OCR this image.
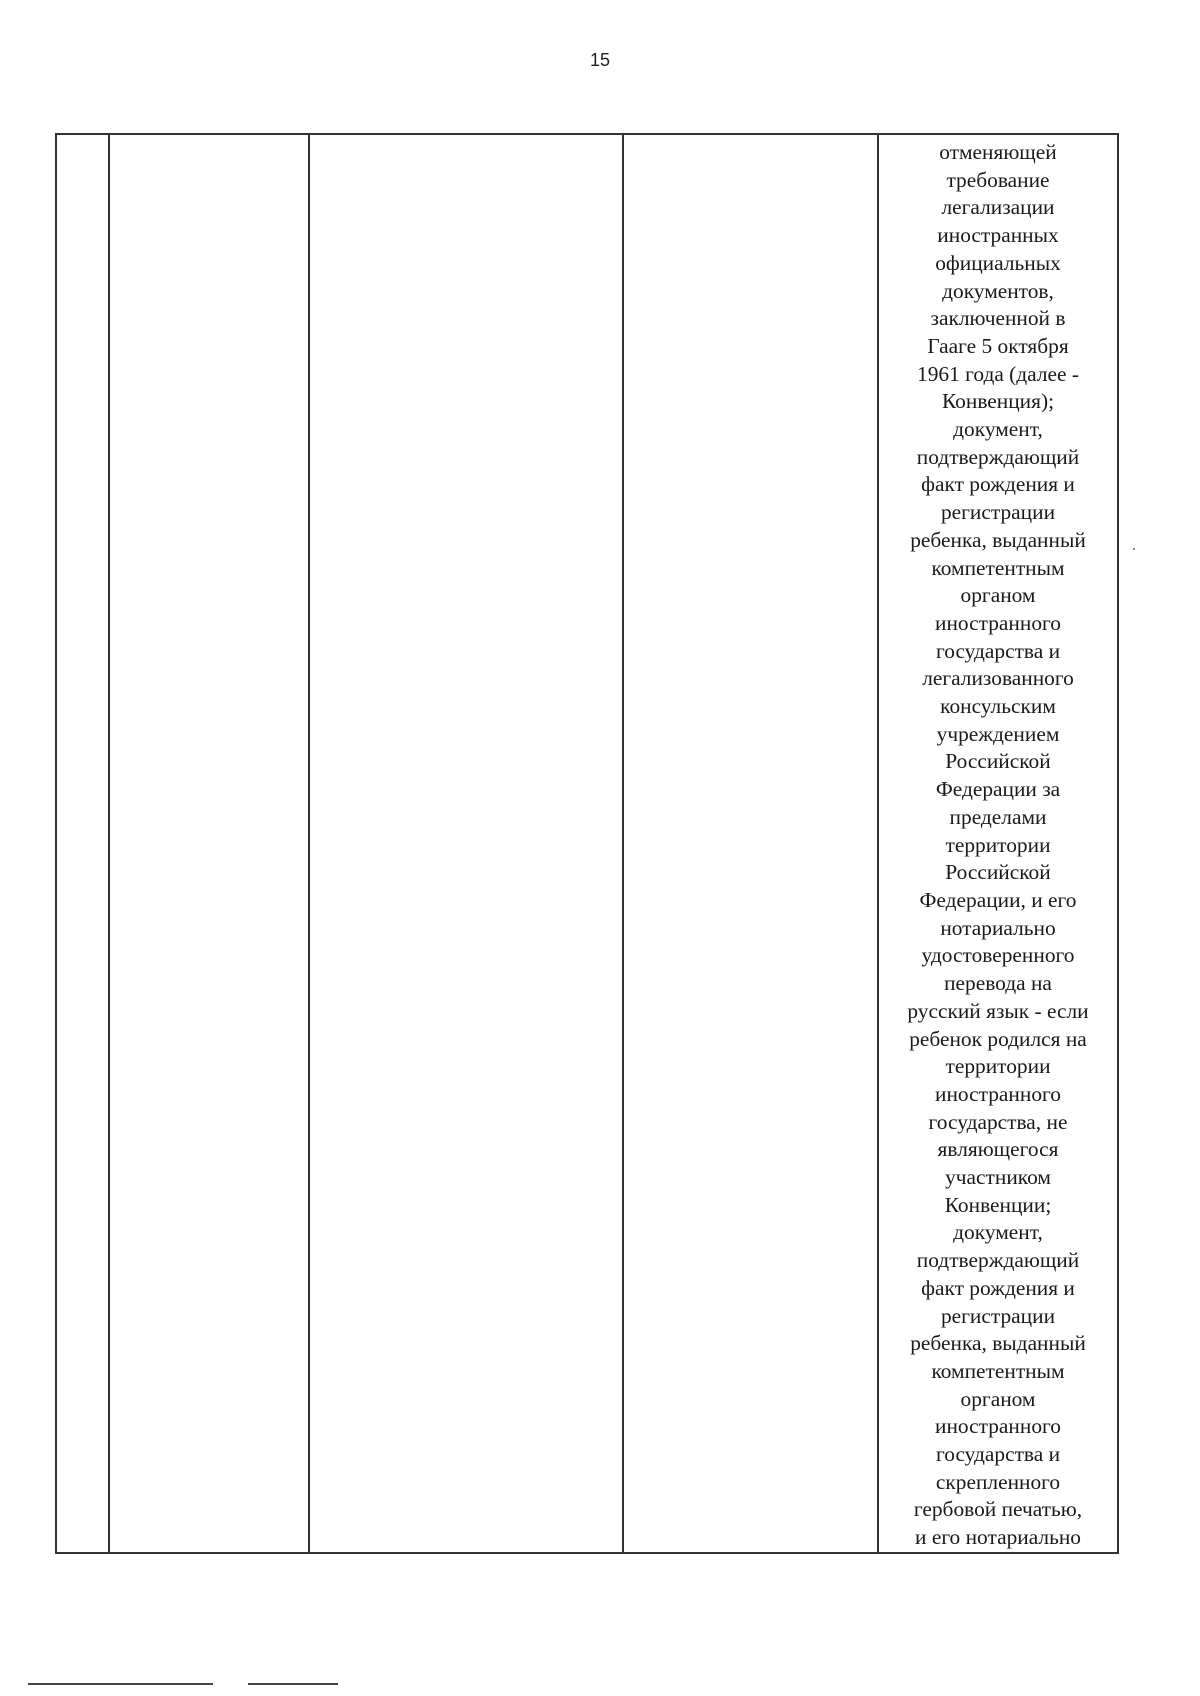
15

отменяющей
требование
легализации
иностранных
официальных
документов,
заключенной в
Гааге 5 октября
1961 года (далее -
Конвенция);
документ,
подтверждающий
факт рождения и
регистрации
ребенка, выданный
компетентным
органом
иностранного
государства и
легализованного
консульским
учреждением
Российской
Федерации за
пределами
территории
Российской
Федерации, и его
нотариально
удостоверенного
перевода на
русский язык - если
ребенок родился на
территории
иностранного
государства, не
являющегося
участником
Конвенции;
документ,
подтверждающий
факт рождения и
регистрации
ребенка, выданный
компетентным
органом
иностранного
государства и
скрепленного
гербовой печатью,
и его нотариально
